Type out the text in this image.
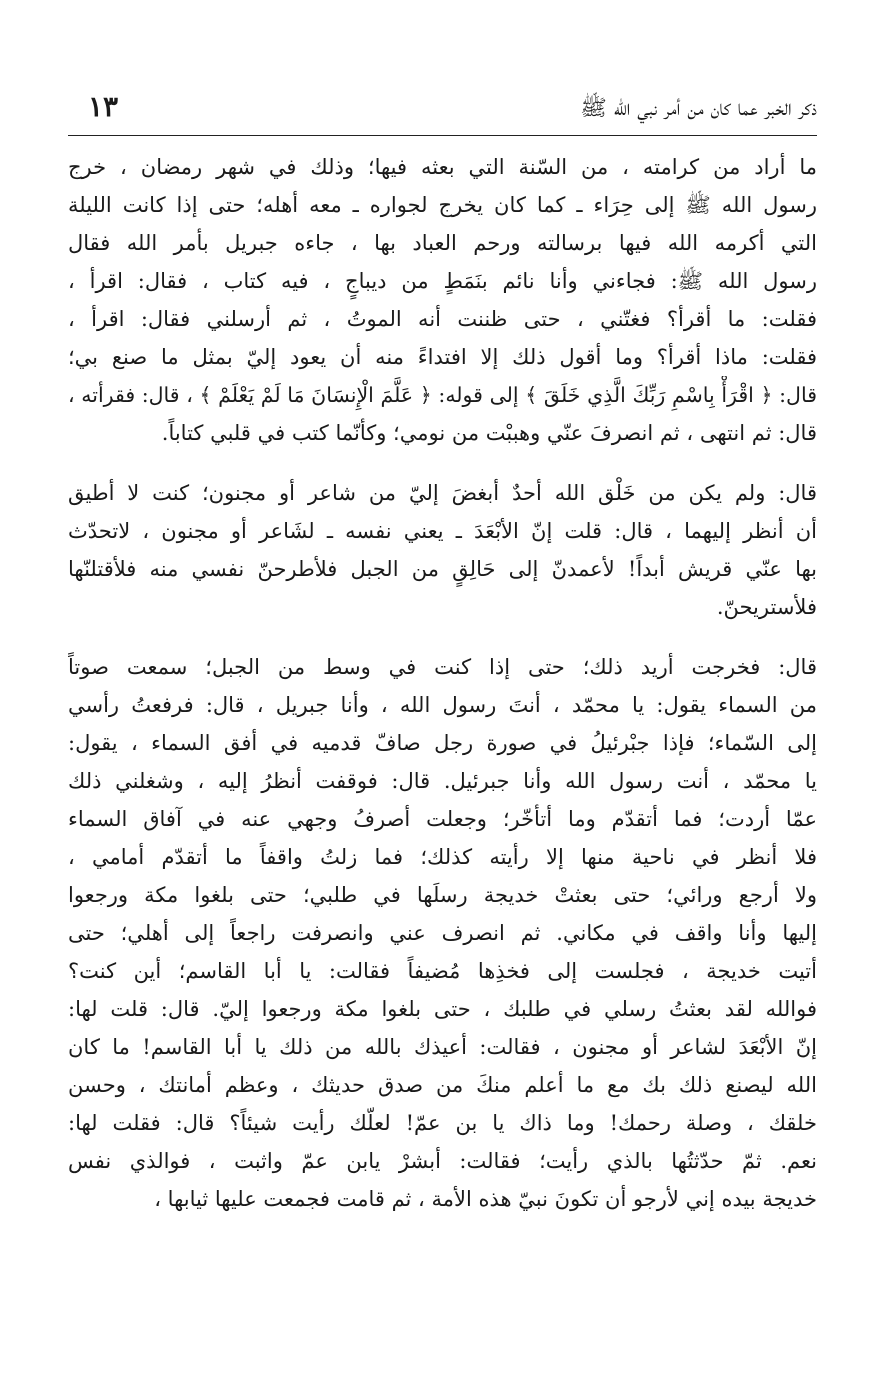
ذكر الخبر عما كان من أمر نبي الله ﷺ
١٣
ما أراد من كرامته ، من السّنة التي بعثه فيها؛ وذلك في شهر رمضان ، خرج
رسول الله ﷺ إلى حِرَاء ـ كما كان يخرج لجواره ـ معه أهله؛ حتى إذا كانت الليلة
التي أكرمه الله فيها برسالته ورحم العباد بها ، جاءه جبريل بأمر الله فقال
رسول الله ﷺ: فجاءني وأنا نائم بنَمَطٍ من ديباجٍ ، فيه كتاب ، فقال: اقرأ ،
فقلت: ما أقرأ؟ فغتّني ، حتى ظننت أنه الموتُ ، ثم أرسلني فقال: اقرأ ،
فقلت: ماذا أقرأ؟ وما أقول ذلك إلا افتداءً منه أن يعود إليّ بمثل ما صنع بي؛
قال: ﴿ اقْرَأْ بِاسْمِ رَبِّكَ الَّذِي خَلَقَ ﴾ إلى قوله: ﴿ عَلَّمَ الْإِنسَانَ مَا لَمْ يَعْلَمْ ﴾ ، قال: فقرأته ،
قال: ثم انتهى ، ثم انصرفَ عنّي وهببْت من نومي؛ وكأنّما كتب في قلبي كتاباً.
قال: ولم يكن من خَلْق الله أحدٌ أبغضَ إليّ من شاعر أو مجنون؛ كنت لا أطيق
أن أنظر إليهما ، قال: قلت إنّ الأبْعَدَ ـ يعني نفسه ـ لشَاعر أو مجنون ، لاتحدّث
بها عنّي قريش أبداً! لأعمدنّ إلى حَالِقٍ من الجبل فلأطرحنّ نفسي منه فلأقتلنّها
فلأستريحنّ.
قال: فخرجت أريد ذلك؛ حتى إذا كنت في وسط من الجبل؛ سمعت صوتاً
من السماء يقول: يا محمّد ، أنتَ رسول الله ، وأنا جبريل ، قال: فرفعتُ رأسي
إلى السّماء؛ فإذا جبْرئيلُ في صورة رجل صافّ قدميه في أفق السماء ، يقول:
يا محمّد ، أنت رسول الله وأنا جبرئيل. قال: فوقفت أنظرُ إليه ، وشغلني ذلك
عمّا أردت؛ فما أتقدّم وما أتأخّر؛ وجعلت أصرفُ وجهي عنه في آفاق السماء
فلا أنظر في ناحية منها إلا رأيته كذلك؛ فما زلتُ واقفاً ما أتقدّم أمامي ،
ولا أرجع ورائي؛ حتى بعثتْ خديجة رسلَها في طلبي؛ حتى بلغوا مكة ورجعوا
إليها وأنا واقف في مكاني. ثم انصرف عني وانصرفت راجعاً إلى أهلي؛ حتى
أتيت خديجة ، فجلست إلى فخذِها مُضيفاً فقالت: يا أبا القاسم؛ أين كنت؟
فوالله لقد بعثتُ رسلي في طلبك ، حتى بلغوا مكة ورجعوا إليّ. قال: قلت لها:
إنّ الأبْعَدَ لشاعر أو مجنون ، فقالت: أعيذك بالله من ذلك يا أبا القاسم! ما كان
الله ليصنع ذلك بك مع ما أعلم منكَ من صدق حديثك ، وعظم أمانتك ، وحسن
خلقك ، وصلة رحمك! وما ذاك يا بن عمّ! لعلّك رأيت شيئاً؟ قال: فقلت لها:
نعم. ثمّ حدّثتُها بالذي رأيت؛ فقالت: أبشرْ يابن عمّ واثبت ، فوالذي نفس
خديجة بيده إني لأرجو أن تكونَ نبيّ هذه الأمة ، ثم قامت فجمعت عليها ثيابها ،
